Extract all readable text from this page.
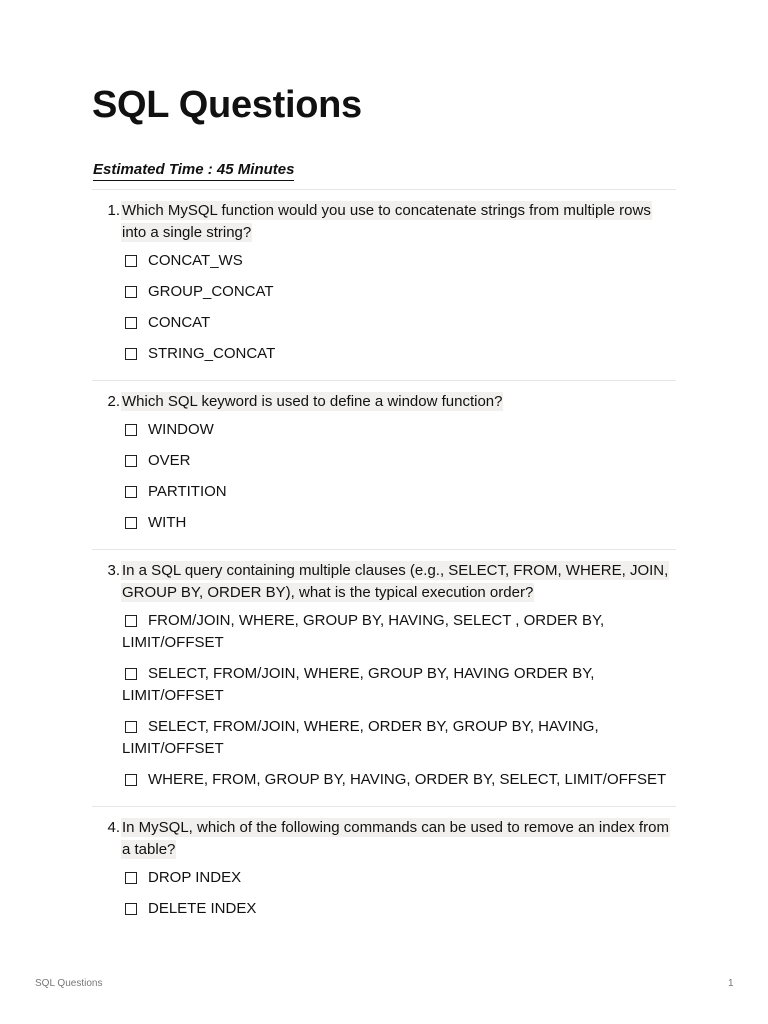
SQL Questions
Estimated Time : 45 Minutes
1. Which MySQL function would you use to concatenate strings from multiple rows into a single string?
CONCAT_WS
GROUP_CONCAT
CONCAT
STRING_CONCAT
2. Which SQL keyword is used to define a window function?
WINDOW
OVER
PARTITION
WITH
3. In a SQL query containing multiple clauses (e.g., SELECT, FROM, WHERE, JOIN, GROUP BY, ORDER BY), what is the typical execution order?
FROM/JOIN, WHERE, GROUP BY, HAVING, SELECT , ORDER BY, LIMIT/OFFSET
SELECT, FROM/JOIN, WHERE, GROUP BY, HAVING ORDER BY, LIMIT/OFFSET
SELECT, FROM/JOIN, WHERE, ORDER BY, GROUP BY, HAVING, LIMIT/OFFSET
WHERE, FROM, GROUP BY, HAVING, ORDER BY, SELECT, LIMIT/OFFSET
4. In MySQL, which of the following commands can be used to remove an index from a table?
DROP INDEX
DELETE INDEX
SQL Questions	1
